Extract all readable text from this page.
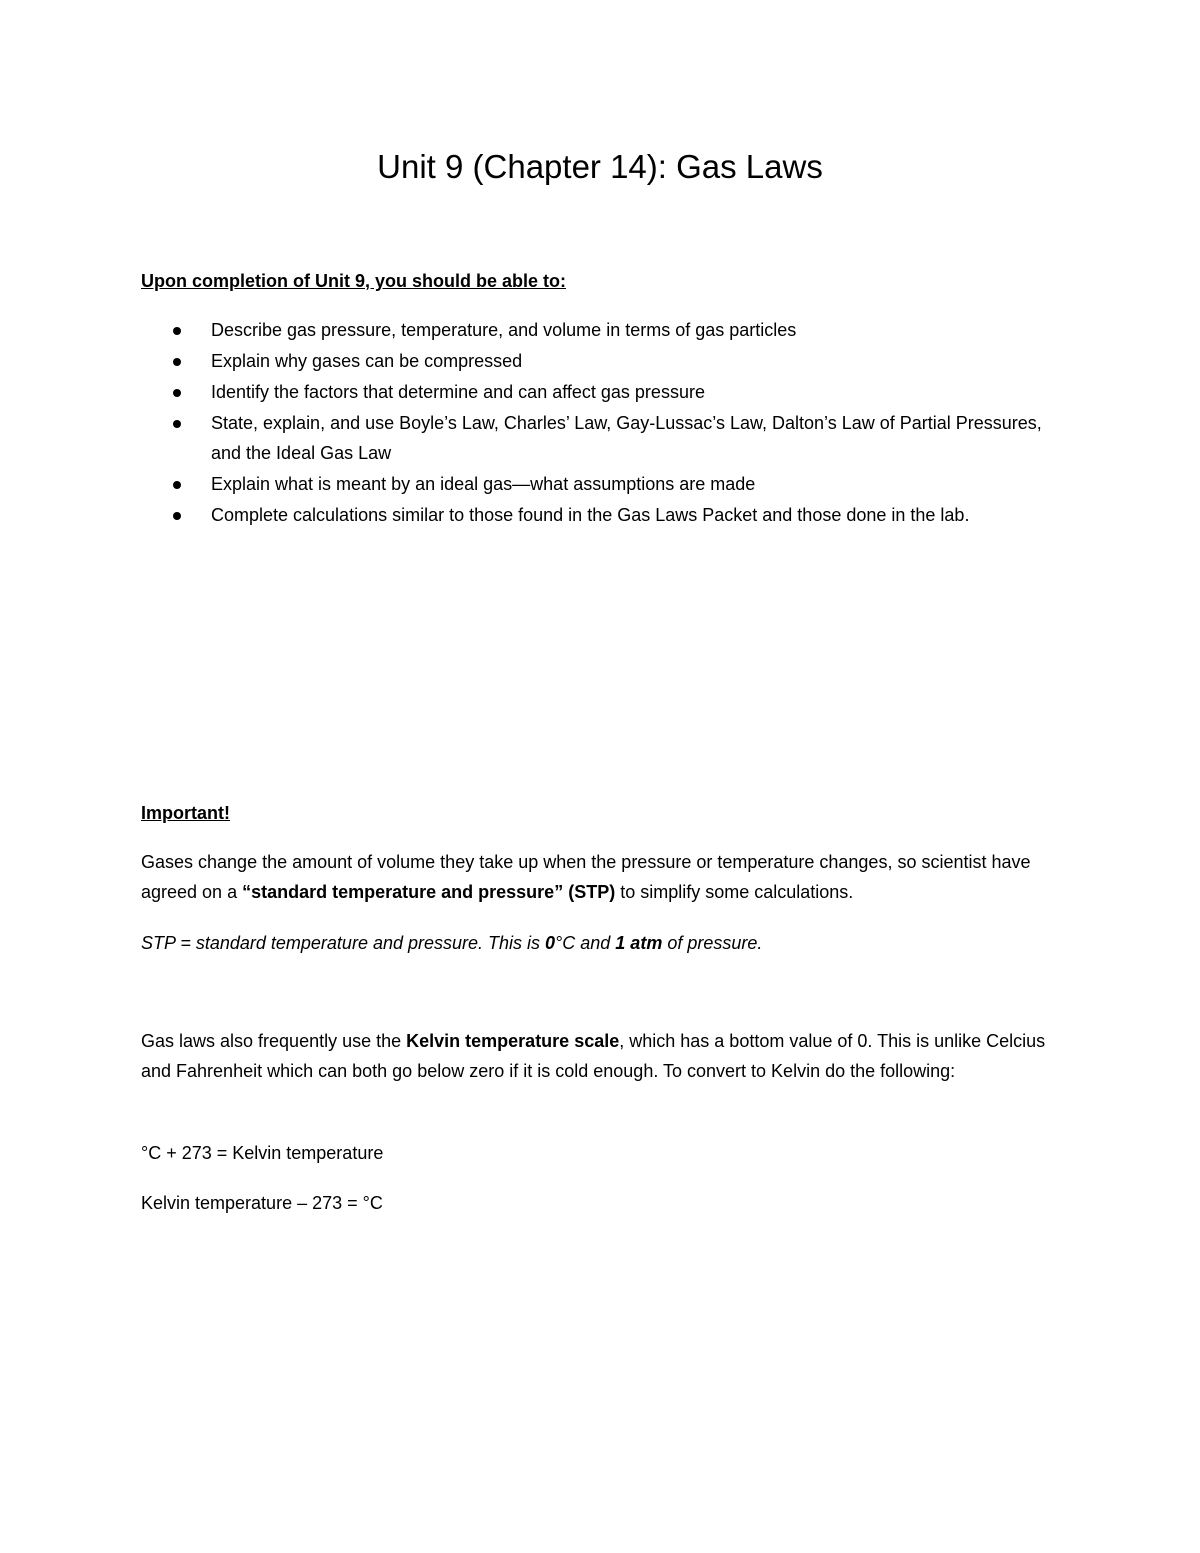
Unit 9 (Chapter 14): Gas Laws

Upon completion of Unit 9, you should be able to:

Describe gas pressure, temperature, and volume in terms of gas particles
Explain why gases can be compressed
Identify the factors that determine and can affect gas pressure
State, explain, and use Boyle’s Law, Charles’ Law, Gay-Lussac’s Law, Dalton’s Law of Partial Pressures, and the Ideal Gas Law
Explain what is meant by an ideal gas—what assumptions are made
Complete calculations similar to those found in the Gas Laws Packet and those done in the lab.

Important!

Gases change the amount of volume they take up when the pressure or temperature changes, so scientist have agreed on a “standard temperature and pressure” (STP) to simplify some calculations.

STP = standard temperature and pressure. This is 0°C and 1 atm of pressure.

Gas laws also frequently use the Kelvin temperature scale, which has a bottom value of 0. This is unlike Celcius and Fahrenheit which can both go below zero if it is cold enough. To convert to Kelvin do the following:

°C + 273 = Kelvin temperature

Kelvin temperature – 273 = °C
